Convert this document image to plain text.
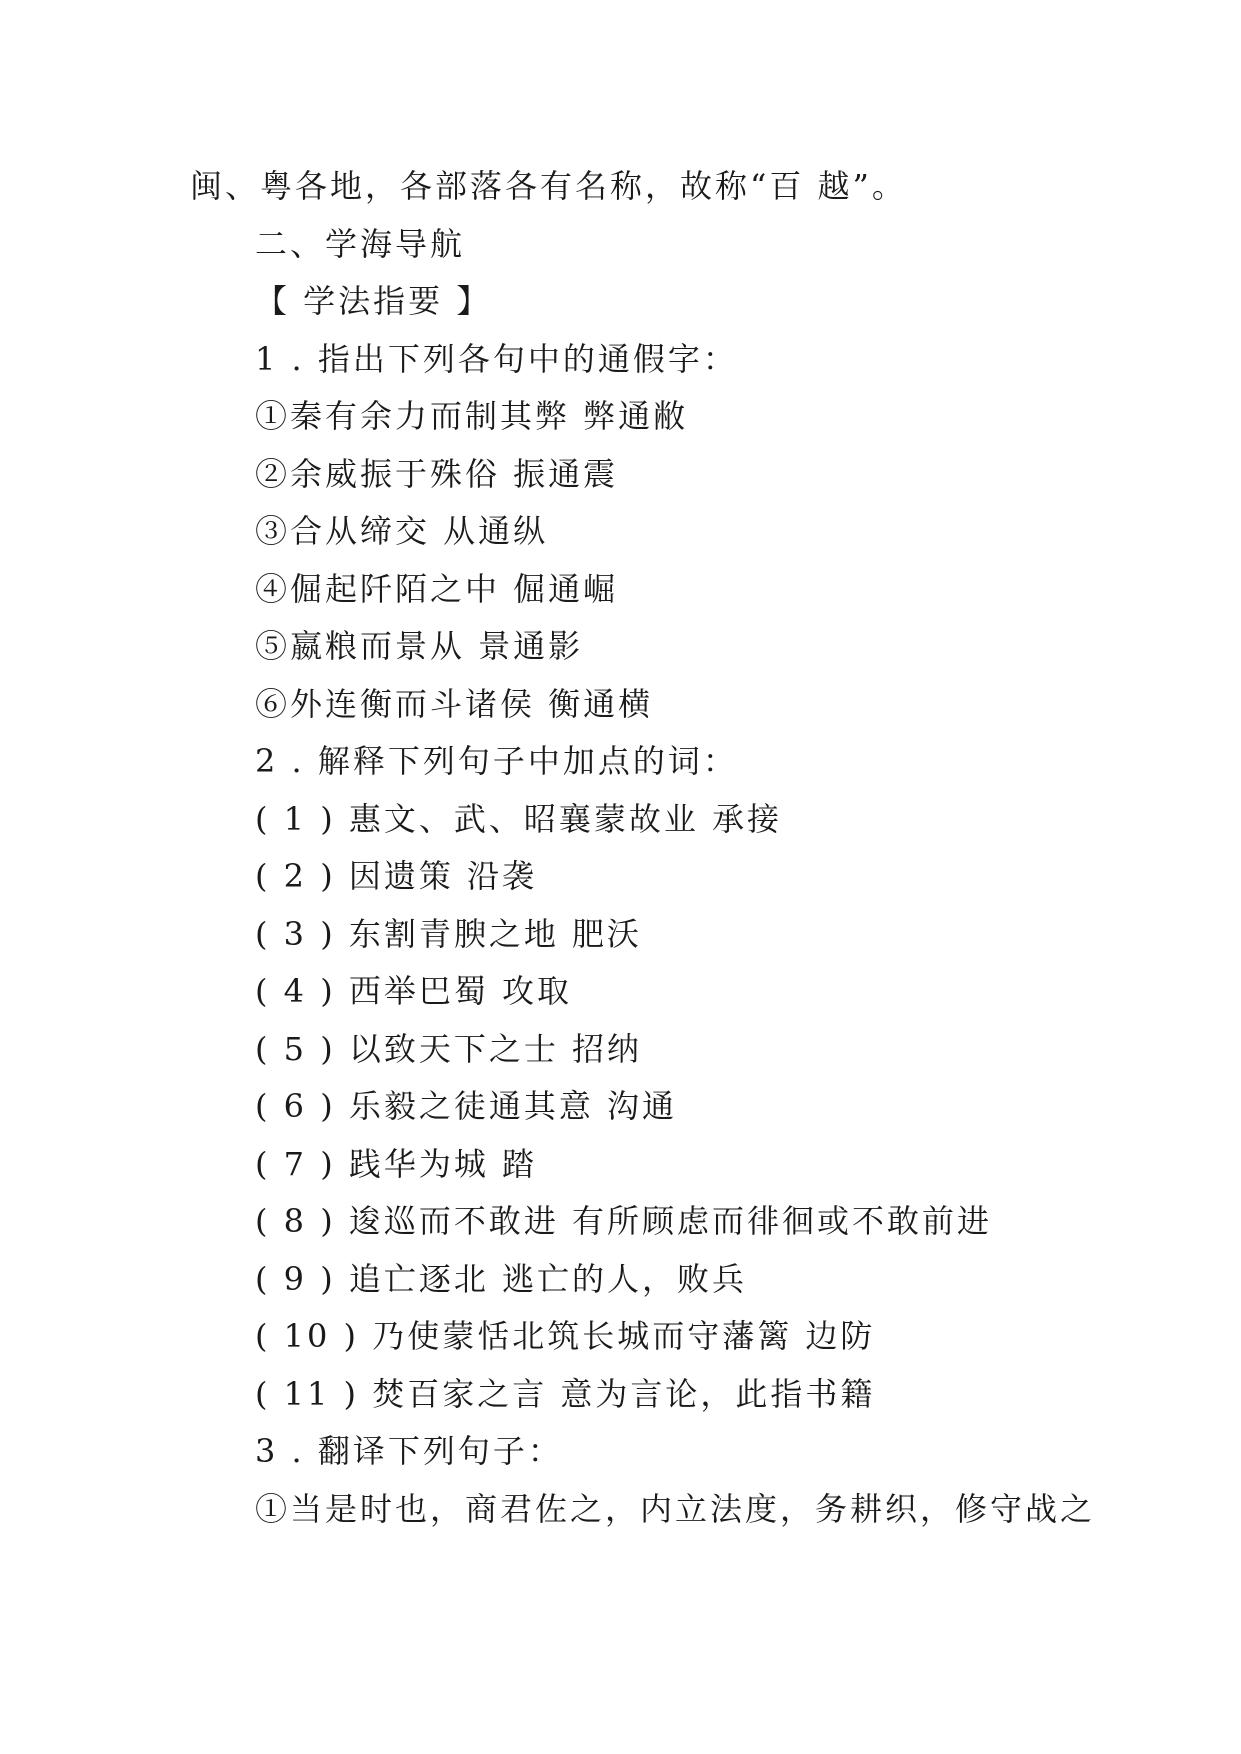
闽、粤各地，各部落各有名称，故称“百 越”。
二、学海导航
【 学法指要 】
1 . 指出下列各句中的通假字：
①秦有余力而制其弊 弊通敝
②余威振于殊俗 振通震
③合从缔交 从通纵
④倔起阡陌之中 倔通崛
⑤嬴粮而景从 景通影
⑥外连衡而斗诸侯 衡通横
2 . 解释下列句子中加点的词：
( 1 ) 惠文、武、昭襄蒙故业 承接
( 2 ) 因遗策 沿袭
( 3 ) 东割青腴之地 肥沃
( 4 ) 西举巴蜀 攻取
( 5 ) 以致天下之士 招纳
( 6 ) 乐毅之徒通其意 沟通
( 7 ) 践华为城 踏
( 8 ) 逡巡而不敢进 有所顾虑而徘徊或不敢前进
( 9 ) 追亡逐北 逃亡的人，败兵
( 10 ) 乃使蒙恬北筑长城而守藩篱 边防
( 11 ) 焚百家之言 意为言论，此指书籍
3 . 翻译下列句子：
①当是时也，商君佐之，内立法度，务耕织，修守战之
